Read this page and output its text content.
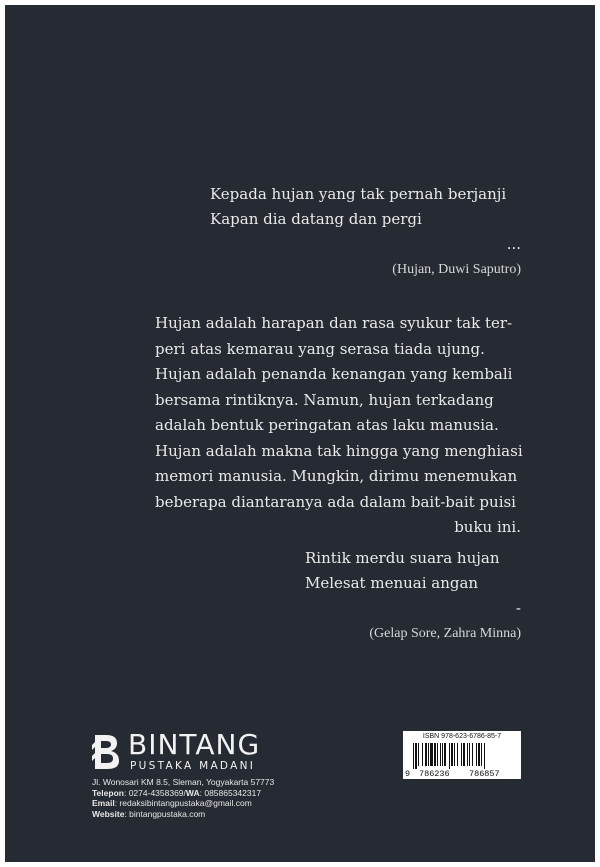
Kepada hujan yang tak pernah berjanji
Kapan dia datang dan pergi
...
(Hujan, Duwi Saputro)
Hujan adalah harapan dan rasa syukur tak ter-
peri atas kemarau yang serasa tiada ujung.
Hujan adalah penanda kenangan yang kembali
bersama rintiknya. Namun, hujan terkadang
adalah bentuk peringatan atas laku manusia.
Hujan adalah makna tak hingga yang menghiasi
memori manusia. Mungkin, dirimu menemukan
beberapa diantaranya ada dalam bait-bait puisi
buku ini.
Rintik merdu suara hujan
Melesat menuai angan
-
(Gelap Sore, Zahra Minna)
BINTANG
PUSTAKA MADANI
Jl. Wonosari KM 8.5, Sleman, Yogyakarta 57773
Telepon: 0274-4358369/WA: 085865342317
Email: redaksibintangpustaka@gmail.com
Website: bintangpustaka.com
ISBN 978-623-6786-85-7
9 786236 786857
